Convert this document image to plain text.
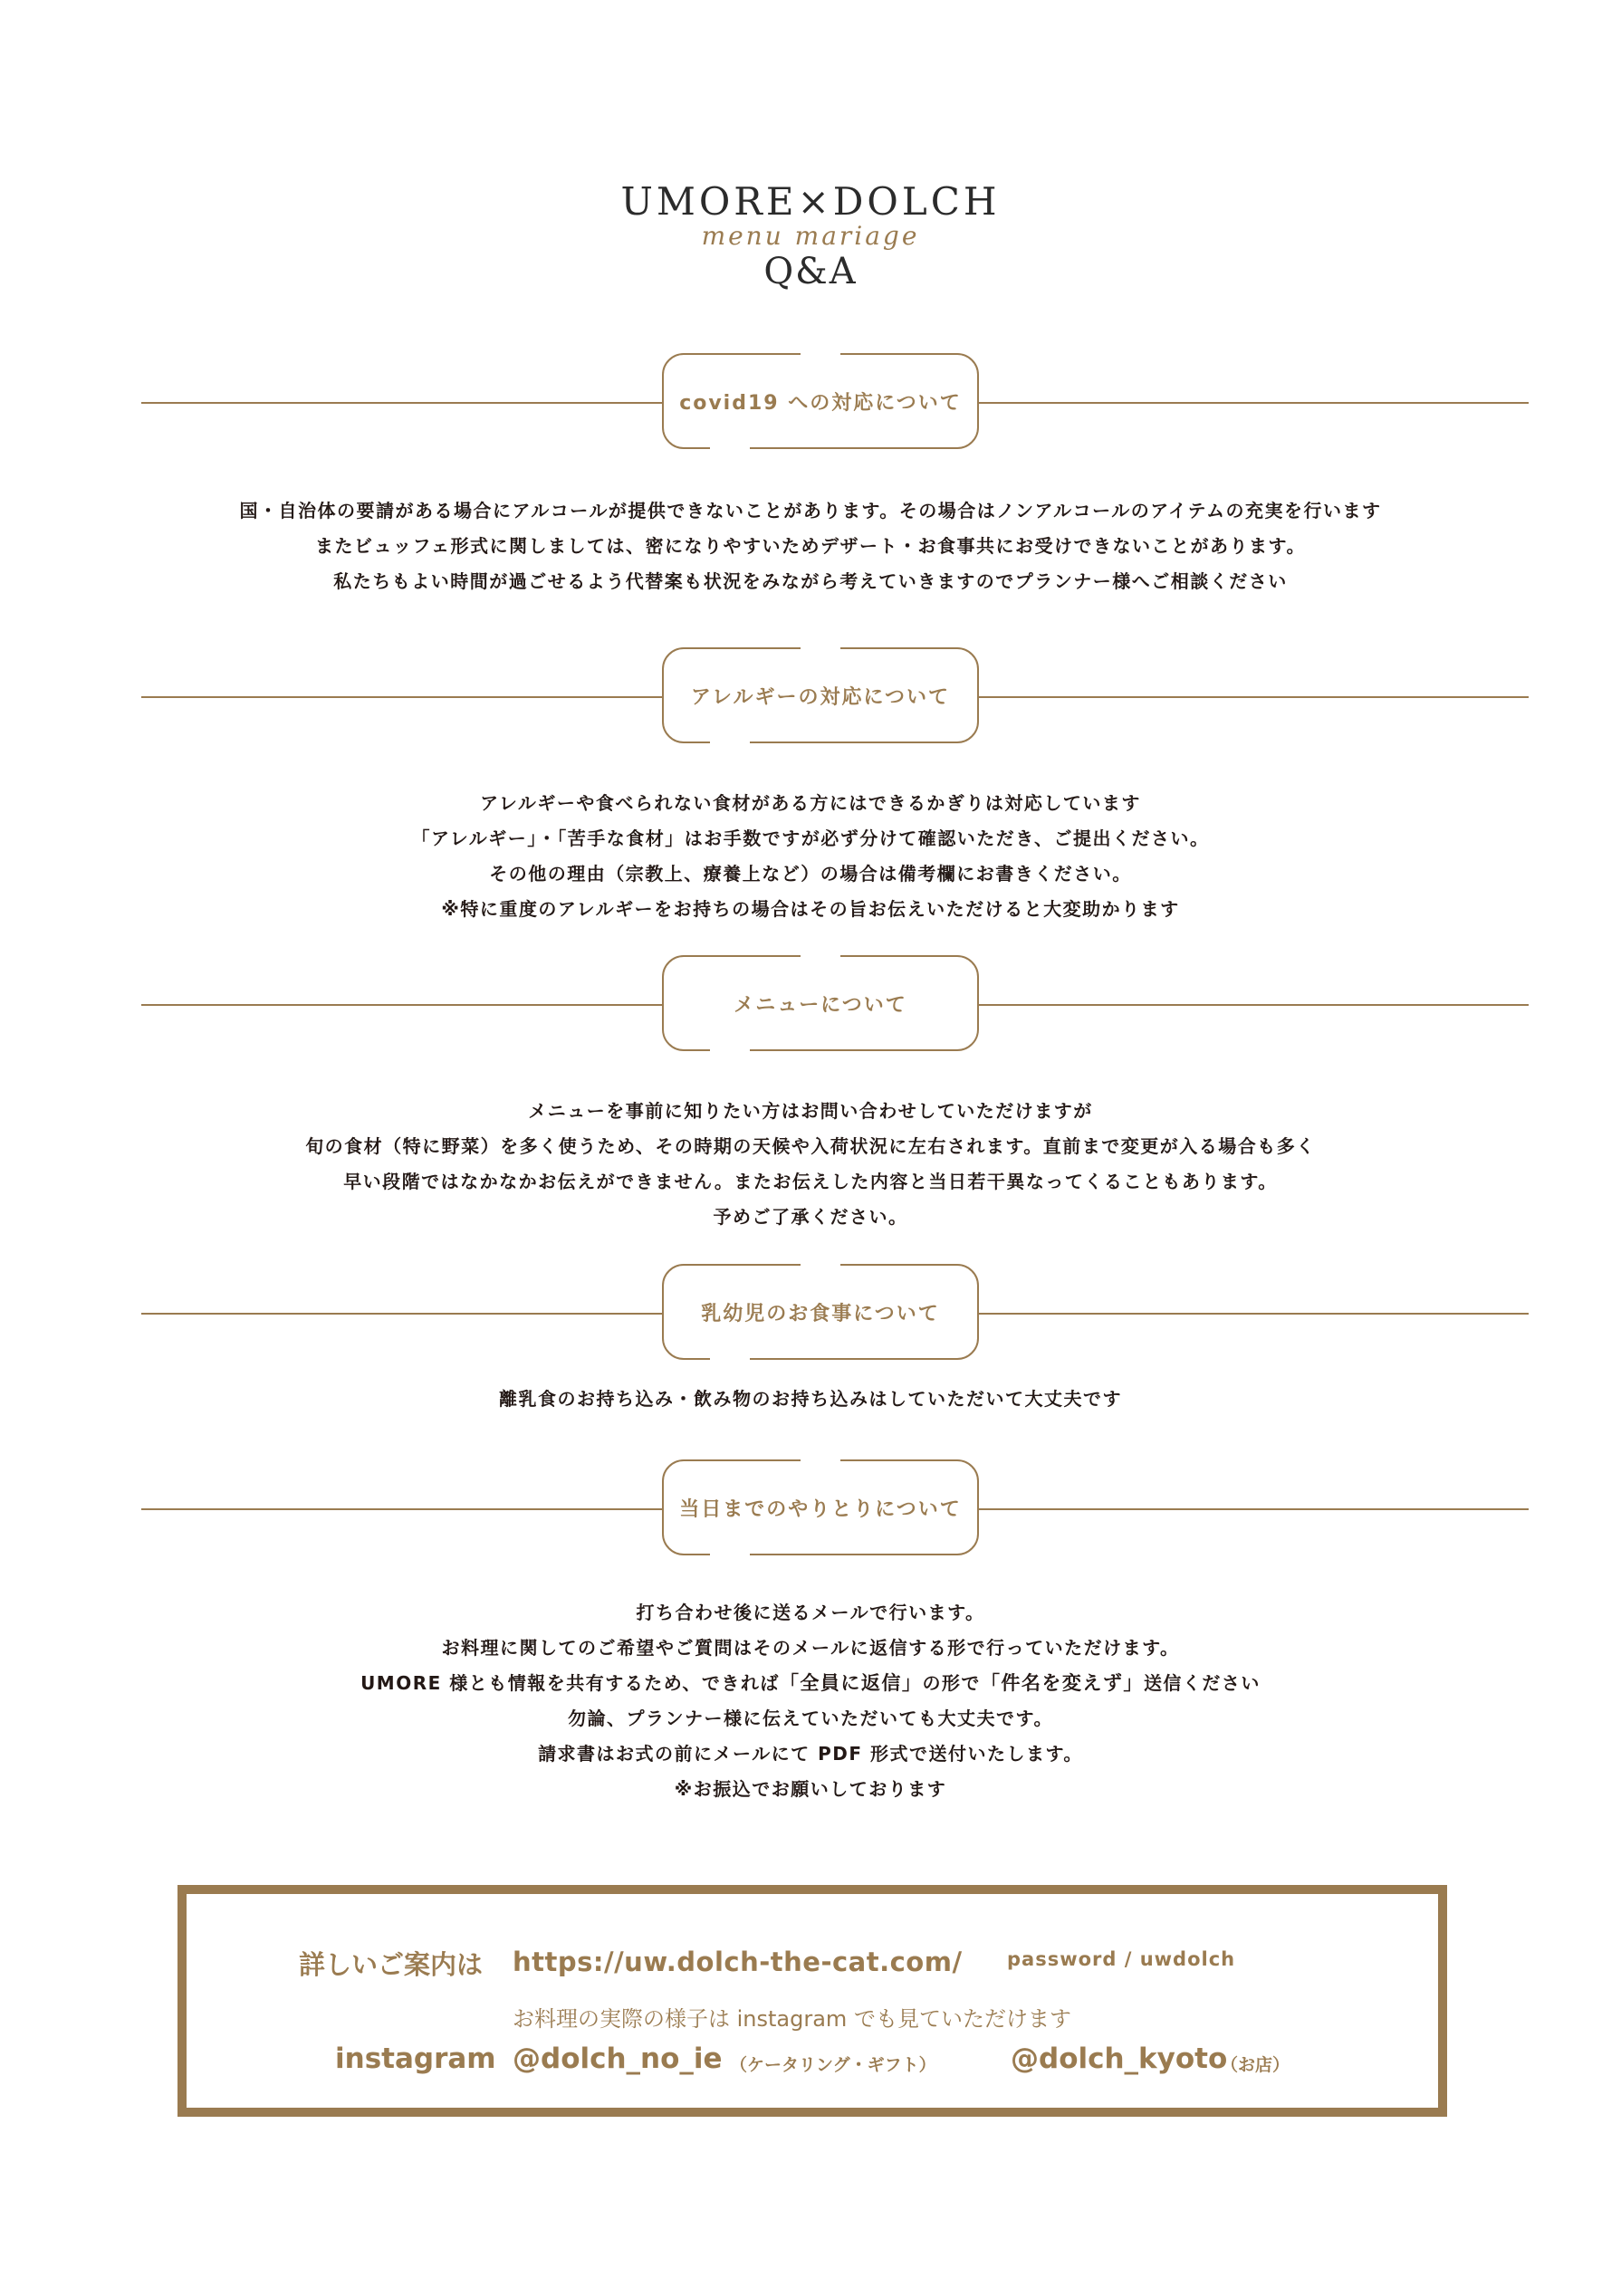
UMORE×DOLCH
menu mariage
Q&A
covid19 への対応について
国・自治体の要請がある場合にアルコールが提供できないことがあります。その場合はノンアルコールのアイテムの充実を行います
またビュッフェ形式に関しましては、密になりやすいためデザート・お食事共にお受けできないことがあります。
私たちもよい時間が過ごせるよう代替案も状況をみながら考えていきますのでプランナー様へご相談ください
アレルギーの対応について
アレルギーや食べられない食材がある方にはできるかぎりは対応しています
「アレルギー」・「苦手な食材」はお手数ですが必ず分けて確認いただき、ご提出ください。
その他の理由（宗教上、療養上など）の場合は備考欄にお書きください。
※特に重度のアレルギーをお持ちの場合はその旨お伝えいただけると大変助かります
メニューについて
メニューを事前に知りたい方はお問い合わせしていただけますが
旬の食材（特に野菜）を多く使うため、その時期の天候や入荷状況に左右されます。直前まで変更が入る場合も多く
早い段階ではなかなかお伝えができません。またお伝えした内容と当日若干異なってくることもあります。
予めご了承ください。
乳幼児のお食事について
離乳食のお持ち込み・飲み物のお持ち込みはしていただいて大丈夫です
当日までのやりとりについて
打ち合わせ後に送るメールで行います。
お料理に関してのご希望やご質問はそのメールに返信する形で行っていただけます。
UMORE 様とも情報を共有するため、できれば「全員に返信」の形で「件名を変えず」送信ください
勿論、プランナー様に伝えていただいても大丈夫です。
請求書はお式の前にメールにて PDF 形式で送付いたします。
※お振込でお願いしております
詳しいご案内は https://uw.dolch-the-cat.com/ password / uwdolch
お料理の実際の様子は instagram でも見ていただけます
instagram @dolch_no_ie （ケータリング・ギフト）	@dolch_kyoto
（お店）
